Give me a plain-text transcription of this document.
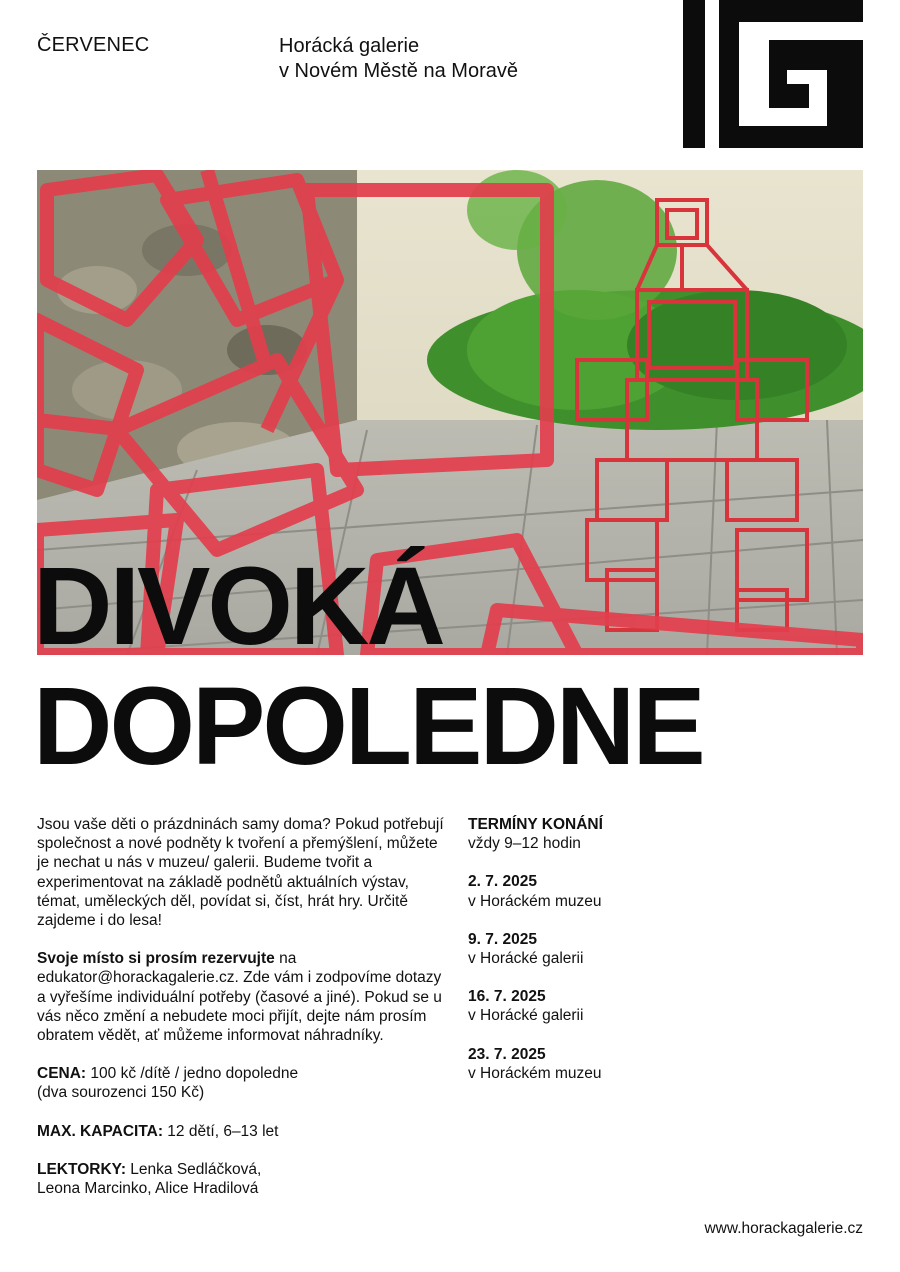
ČERVENEC	Horácká galerie
v Novém Městě na Moravě
DIVOKÁ
DOPOLEDNE

Jsou vaše děti o prázdninách samy doma? Pokud potřebují společnost a nové podněty k tvoření a přemýšlení, můžete je nechat u nás v muzeu/ galerii. Budeme tvořit a experimentovat na základě podnětů aktuálních výstav, témat, uměleckých děl, povídat si, číst, hrát hry. Určitě zajdeme i do lesa!

Svoje místo si prosím rezervujte na edukator@horackagalerie.cz. Zde vám i zodpovíme dotazy a vyřešíme individuální potřeby (časové a jiné). Pokud se u vás něco změní a nebudete moci přijít, dejte nám prosím obratem vědět, ať můžeme informovat náhradníky.

CENA: 100 kč /dítě / jedno dopoledne
(dva sourozenci 150 Kč)

MAX. KAPACITA: 12 dětí, 6–13 let

LEKTORKY: Lenka Sedláčková,
Leona Marcinko, Alice Hradilová

TERMÍNY KONÁNÍ
vždy 9–12 hodin

2. 7. 2025
v Horáckém muzeu

9. 7. 2025
v Horácké galerii

16. 7. 2025
v Horácké galerii

23. 7. 2025
v Horáckém muzeu

www.horackagalerie.cz
